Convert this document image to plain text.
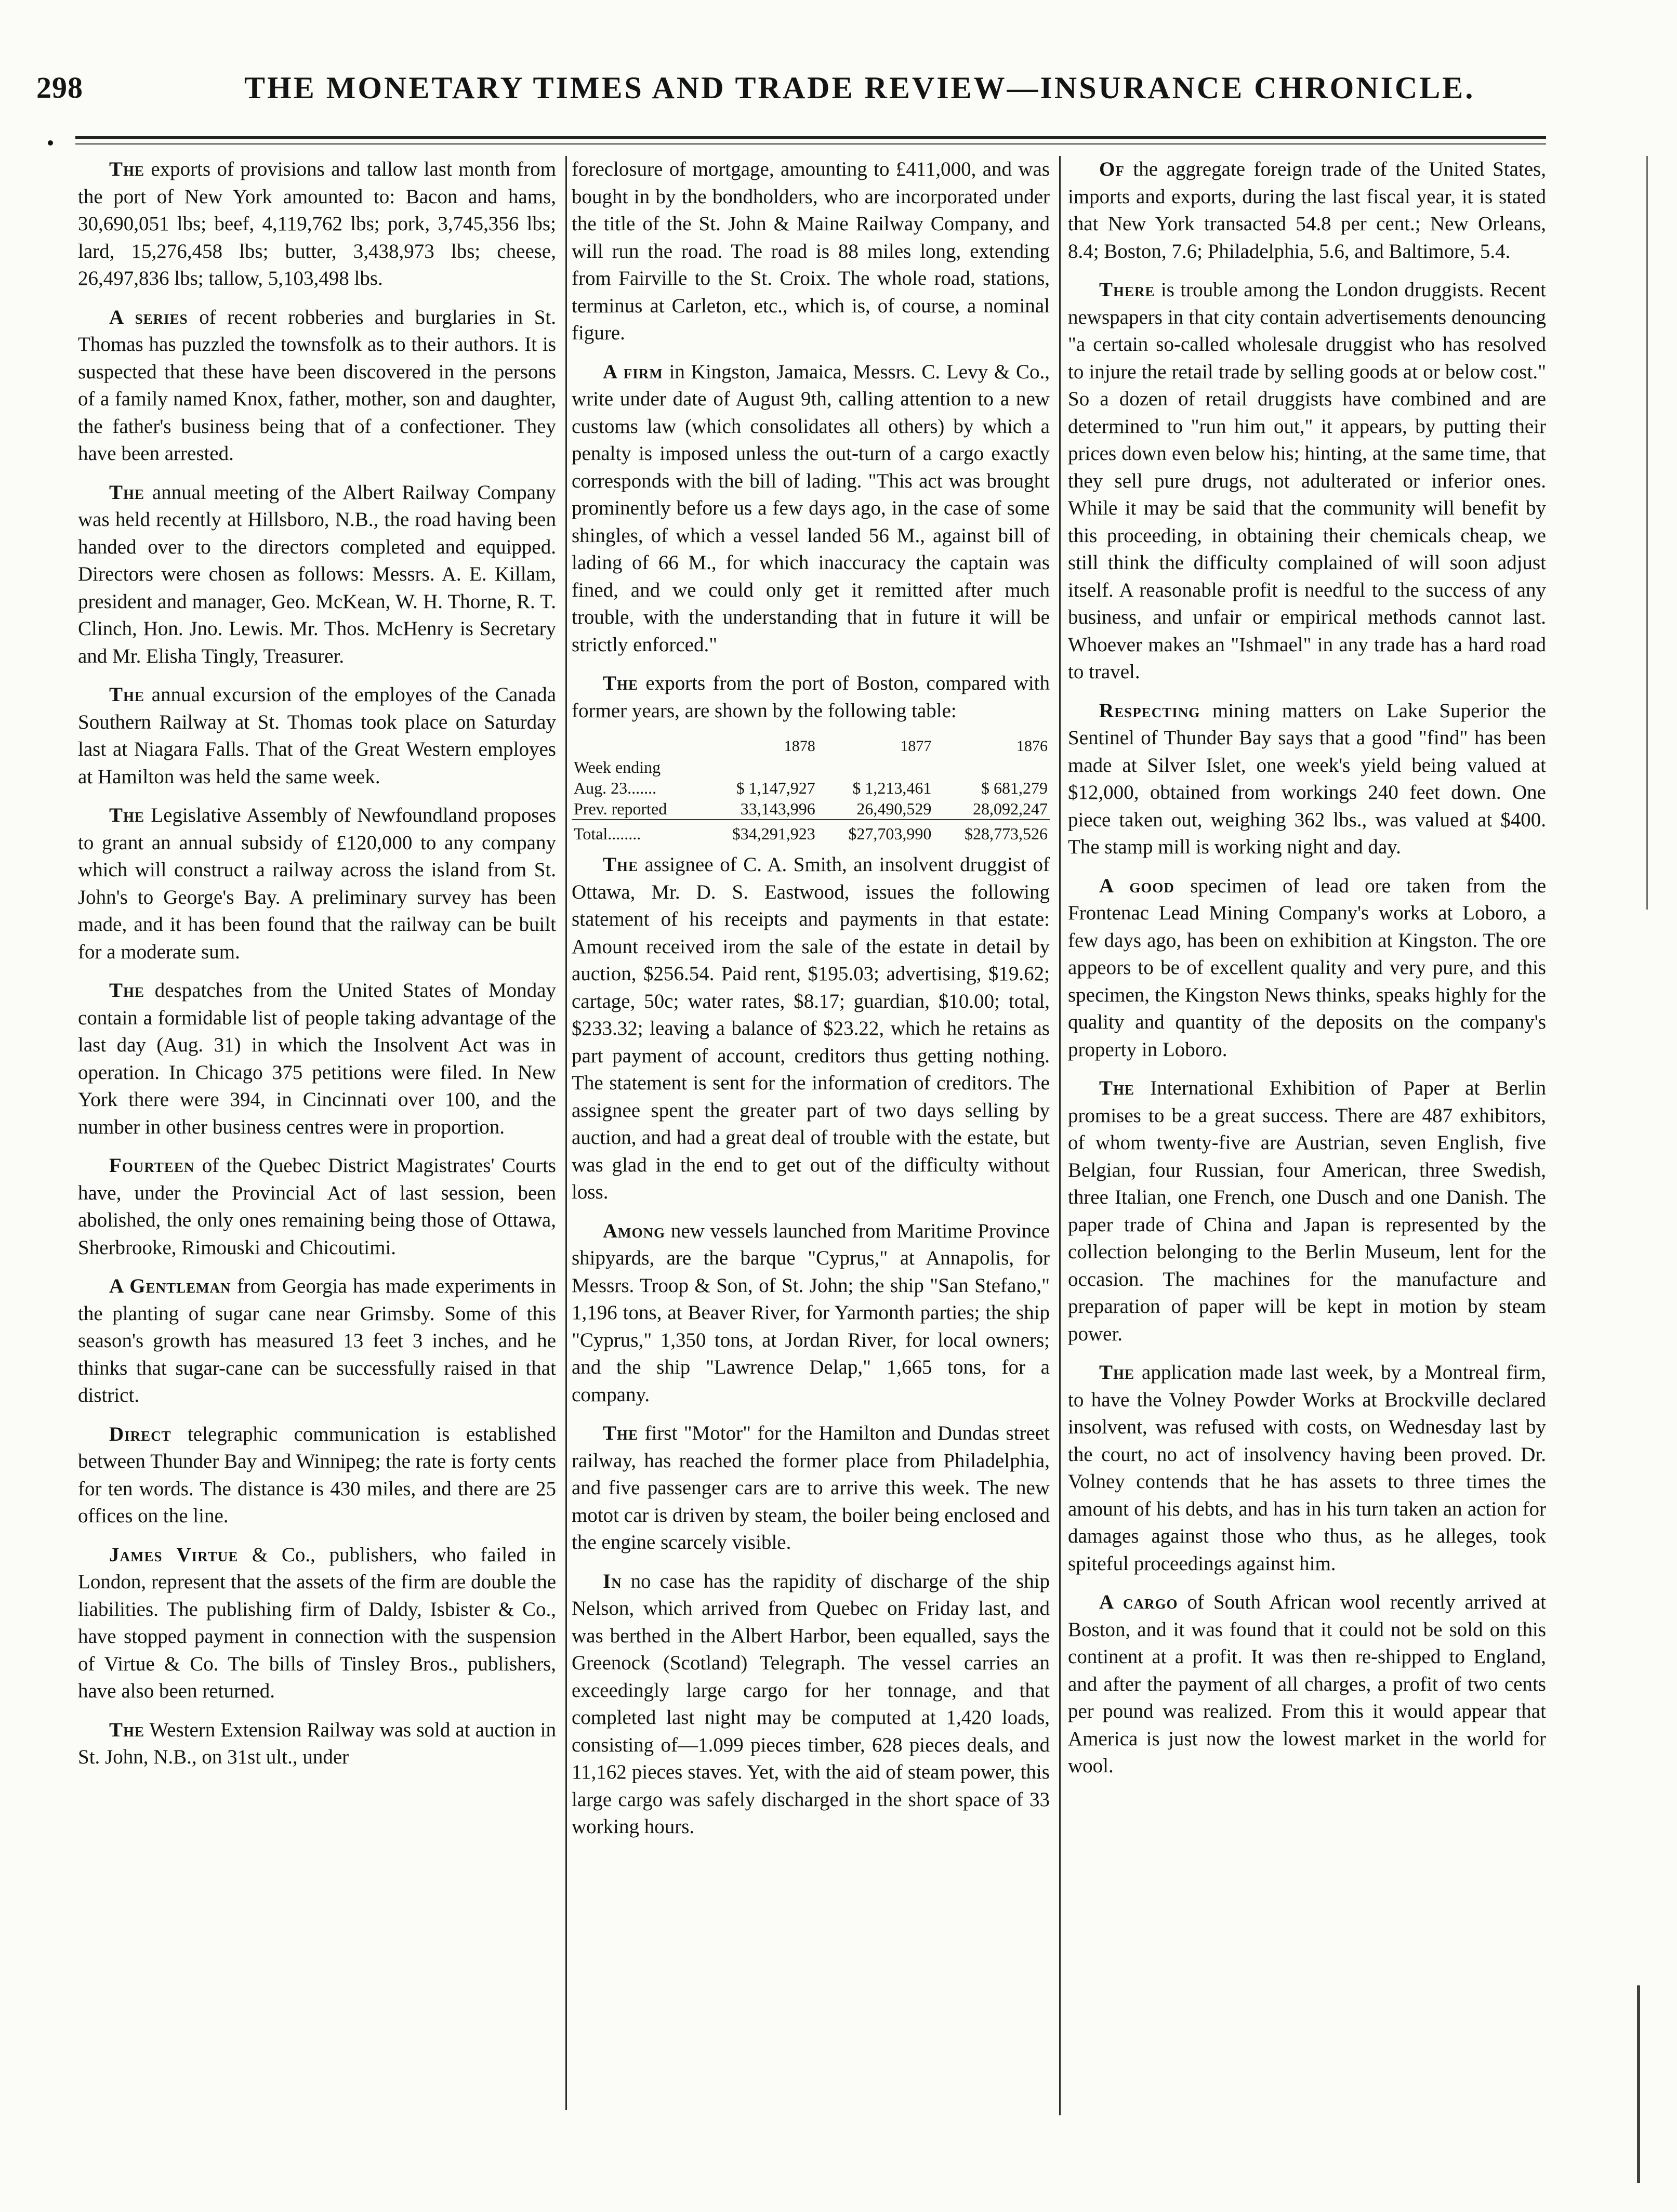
298	THE MONETARY TIMES AND TRADE REVIEW—INSURANCE CHRONICLE.

The exports of provisions and tallow last month from the port of New York amounted to: Bacon and hams, 30,690,051 lbs; beef, 4,119,762 lbs; pork, 3,745,356 lbs; lard, 15,276,458 lbs; butter, 3,438,973 lbs; cheese, 26,497,836 lbs; tallow, 5,103,498 lbs.

A series of recent robberies and burglaries in St. Thomas has puzzled the townsfolk as to their authors. It is suspected that these have been discovered in the persons of a family named Knox, father, mother, son and daughter, the father's business being that of a confectioner. They have been arrested.

The annual meeting of the Albert Railway Company was held recently at Hillsboro, N.B., the road having been handed over to the directors completed and equipped. Directors were chosen as follows: Messrs. A. E. Killam, president and manager, Geo. McKean, W. H. Thorne, R. T. Clinch, Hon. Jno. Lewis. Mr. Thos. McHenry is Secretary and Mr. Elisha Tingly, Treasurer.

The annual excursion of the employes of the Canada Southern Railway at St. Thomas took place on Saturday last at Niagara Falls. That of the Great Western employes at Hamilton was held the same week.

The Legislative Assembly of Newfoundland proposes to grant an annual subsidy of £120,000 to any company which will construct a railway across the island from St. John's to George's Bay. A preliminary survey has been made, and it has been found that the railway can be built for a moderate sum.

The despatches from the United States of Monday contain a formidable list of people taking advantage of the last day (Aug. 31) in which the Insolvent Act was in operation. In Chicago 375 petitions were filed. In New York there were 394, in Cincinnati over 100, and the number in other business centres were in proportion.

Fourteen of the Quebec District Magistrates' Courts have, under the Provincial Act of last session, been abolished, the only ones remaining being those of Ottawa, Sherbrooke, Rimouski and Chicoutimi.

A Gentleman from Georgia has made experiments in the planting of sugar cane near Grimsby. Some of this season's growth has measured 13 feet 3 inches, and he thinks that sugar-cane can be successfully raised in that district.

Direct telegraphic communication is established between Thunder Bay and Winnipeg; the rate is forty cents for ten words. The distance is 430 miles, and there are 25 offices on the line.

James Virtue & Co., publishers, who failed in London, represent that the assets of the firm are double the liabilities. The publishing firm of Daldy, Isbister & Co., have stopped payment in connection with the suspension of Virtue & Co. The bills of Tinsley Bros., publishers, have also been returned.

The Western Extension Railway was sold at auction in St. John, N.B., on 31st ult., under

foreclosure of mortgage, amounting to £411,000, and was bought in by the bondholders, who are incorporated under the title of the St. John & Maine Railway Company, and will run the road. The road is 88 miles long, extending from Fairville to the St. Croix. The whole road, stations, terminus at Carleton, etc., which is, of course, a nominal figure.

A firm in Kingston, Jamaica, Messrs. C. Levy & Co., write under date of August 9th, calling attention to a new customs law (which consolidates all others) by which a penalty is imposed unless the out-turn of a cargo exactly corresponds with the bill of lading. "This act was brought prominently before us a few days ago, in the case of some shingles, of which a vessel landed 56 M., against bill of lading of 66 M., for which inaccuracy the captain was fined, and we could only get it remitted after much trouble, with the understanding that in future it will be strictly enforced."

The exports from the port of Boston, compared with former years, are shown by the following table:

	1878	1877	1876
Week ending			
Aug. 23.......	$ 1,147,927	$ 1,213,461	$ 681,279
Prev. reported	33,143,996	26,490,529	28,092,247
Total........	$34,291,923	$27,703,990	$28,773,526

The assignee of C. A. Smith, an insolvent druggist of Ottawa, Mr. D. S. Eastwood, issues the following statement of his receipts and payments in that estate: Amount received irom the sale of the estate in detail by auction, $256.54. Paid rent, $195.03; advertising, $19.62; cartage, 50c; water rates, $8.17; guardian, $10.00; total, $233.32; leaving a balance of $23.22, which he retains as part payment of account, creditors thus getting nothing. The statement is sent for the information of creditors. The assignee spent the greater part of two days selling by auction, and had a great deal of trouble with the estate, but was glad in the end to get out of the difficulty without loss.

Among new vessels launched from Maritime Province shipyards, are the barque "Cyprus," at Annapolis, for Messrs. Troop & Son, of St. John; the ship "San Stefano," 1,196 tons, at Beaver River, for Yarmonth parties; the ship "Cyprus," 1,350 tons, at Jordan River, for local owners; and the ship "Lawrence Delap," 1,665 tons, for a company.

The first "Motor" for the Hamilton and Dundas street railway, has reached the former place from Philadelphia, and five passenger cars are to arrive this week. The new motot car is driven by steam, the boiler being enclosed and the engine scarcely visible.

In no case has the rapidity of discharge of the ship Nelson, which arrived from Quebec on Friday last, and was berthed in the Albert Harbor, been equalled, says the Greenock (Scotland) Telegraph. The vessel carries an exceedingly large cargo for her tonnage, and that completed last night may be computed at 1,420 loads, consisting of—1.099 pieces timber, 628 pieces deals, and 11,162 pieces staves. Yet, with the aid of steam power, this large cargo was safely discharged in the short space of 33 working hours.

Of the aggregate foreign trade of the United States, imports and exports, during the last fiscal year, it is stated that New York transacted 54.8 per cent.; New Orleans, 8.4; Boston, 7.6; Philadelphia, 5.6, and Baltimore, 5.4.

There is trouble among the London druggists. Recent newspapers in that city contain advertisements denouncing "a certain so-called wholesale druggist who has resolved to injure the retail trade by selling goods at or below cost." So a dozen of retail druggists have combined and are determined to "run him out," it appears, by putting their prices down even below his; hinting, at the same time, that they sell pure drugs, not adulterated or inferior ones. While it may be said that the community will benefit by this proceeding, in obtaining their chemicals cheap, we still think the difficulty complained of will soon adjust itself. A reasonable profit is needful to the success of any business, and unfair or empirical methods cannot last. Whoever makes an "Ishmael" in any trade has a hard road to travel.

Respecting mining matters on Lake Superior the Sentinel of Thunder Bay says that a good "find" has been made at Silver Islet, one week's yield being valued at $12,000, obtained from workings 240 feet down. One piece taken out, weighing 362 lbs., was valued at $400. The stamp mill is working night and day.

A good specimen of lead ore taken from the Frontenac Lead Mining Company's works at Loboro, a few days ago, has been on exhibition at Kingston. The ore appeors to be of excellent quality and very pure, and this specimen, the Kingston News thinks, speaks highly for the quality and quantity of the deposits on the company's property in Loboro.

The International Exhibition of Paper at Berlin promises to be a great success. There are 487 exhibitors, of whom twenty-five are Austrian, seven English, five Belgian, four Russian, four American, three Swedish, three Italian, one French, one Dusch and one Danish. The paper trade of China and Japan is represented by the collection belonging to the Berlin Museum, lent for the occasion. The machines for the manufacture and preparation of paper will be kept in motion by steam power.

The application made last week, by a Montreal firm, to have the Volney Powder Works at Brockville declared insolvent, was refused with costs, on Wednesday last by the court, no act of insolvency having been proved. Dr. Volney contends that he has assets to three times the amount of his debts, and has in his turn taken an action for damages against those who thus, as he alleges, took spiteful proceedings against him.

A cargo of South African wool recently arrived at Boston, and it was found that it could not be sold on this continent at a profit. It was then re-shipped to England, and after the payment of all charges, a profit of two cents per pound was realized. From this it would appear that America is just now the lowest market in the world for wool.
